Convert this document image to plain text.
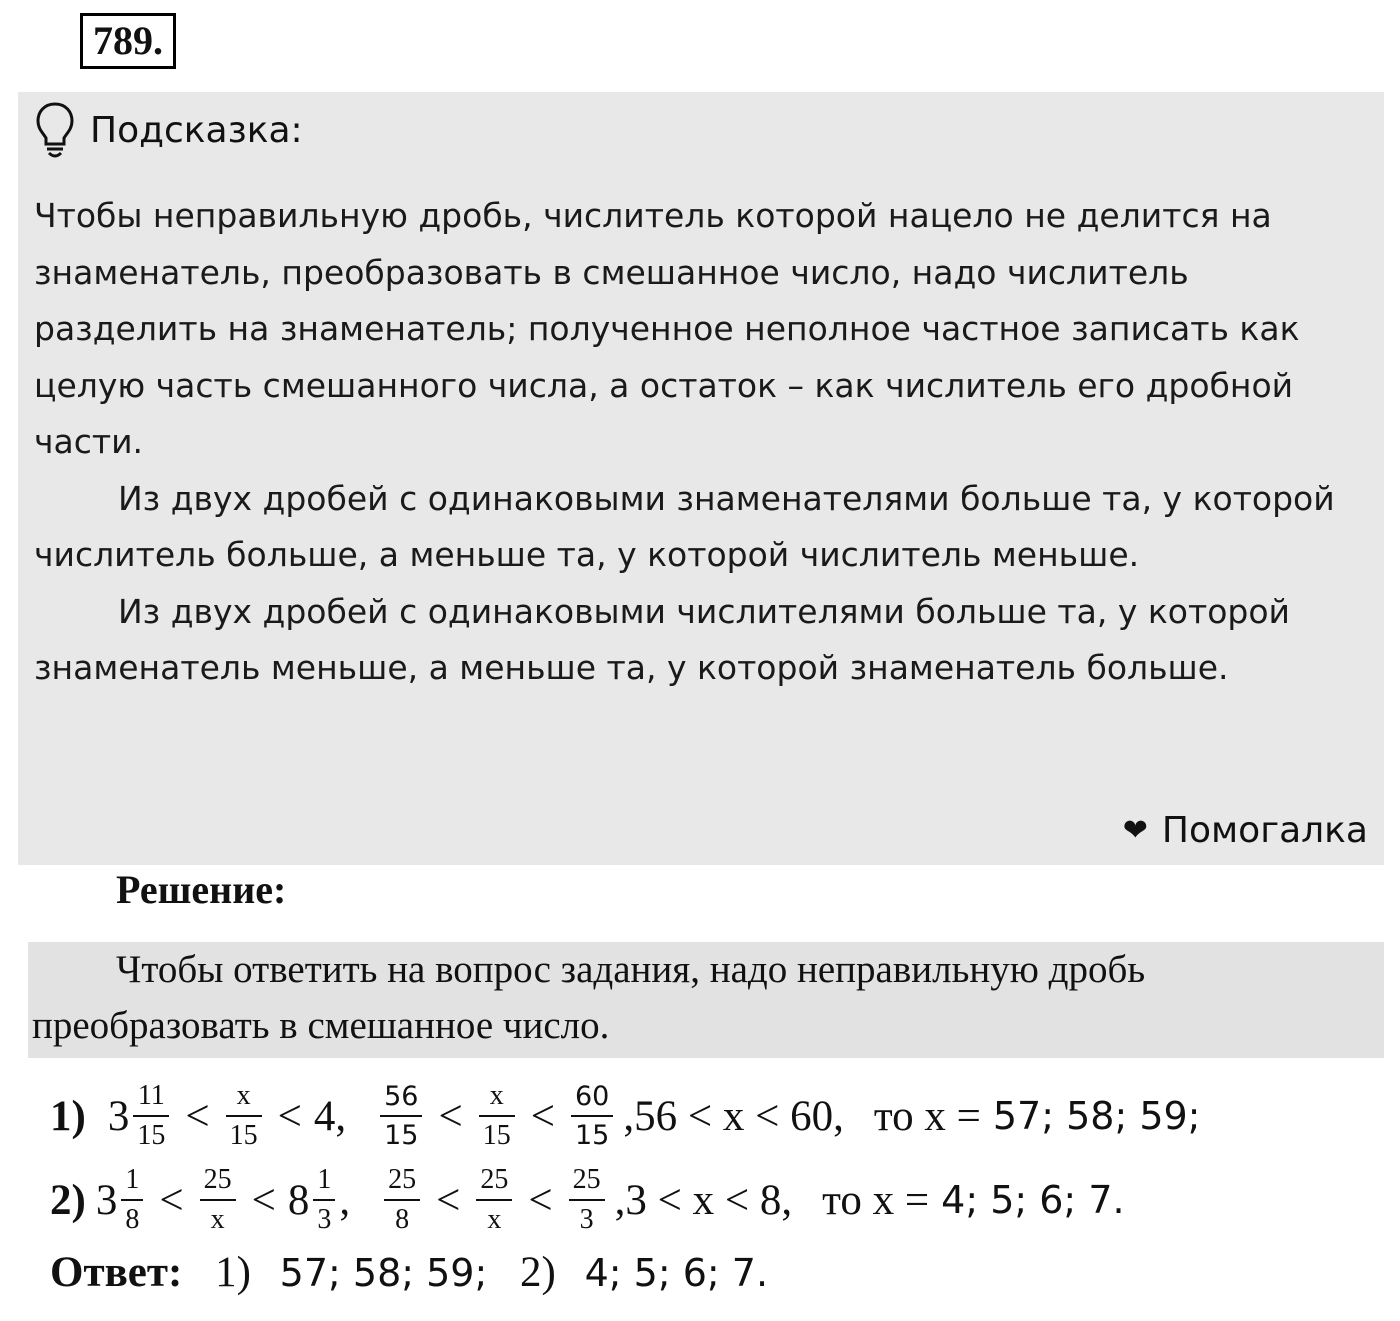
789.
Подсказка:

Чтобы неправильную дробь, числитель которой нацело не делится на знаменатель, преобразовать в смешанное число, надо числитель разделить на знаменатель; полученное неполное частное записать как целую часть смешанного числа, а остаток – как числитель его дробной части.

Из двух дробей с одинаковыми знаменателями больше та, у которой числитель больше, а меньше та, у которой числитель меньше.

Из двух дробей с одинаковыми числителями больше та, у которой знаменатель меньше, а меньше та, у которой знаменатель больше.

❤ Помогалка
Решение:

Чтобы ответить на вопрос задания, надо неправильную дробь преобразовать в смешанное число.

1) $3 \frac{11}{15} < \frac{x}{15} < 4$, $\frac{56}{15} < \frac{x}{15} < \frac{60}{15} ,56 < x < 60$, то x = 57; 58; 59;
2) $3 \frac{1}{8} < \frac{25}{x} < 8 \frac{1}{3}$ , $\frac{25}{8} < \frac{25}{x} < \frac{25}{3} ,3 < x < 8$, то x = 4; 5; 6; 7.
Ответ: 1) 57; 58; 59; 2) 4; 5; 6; 7.
